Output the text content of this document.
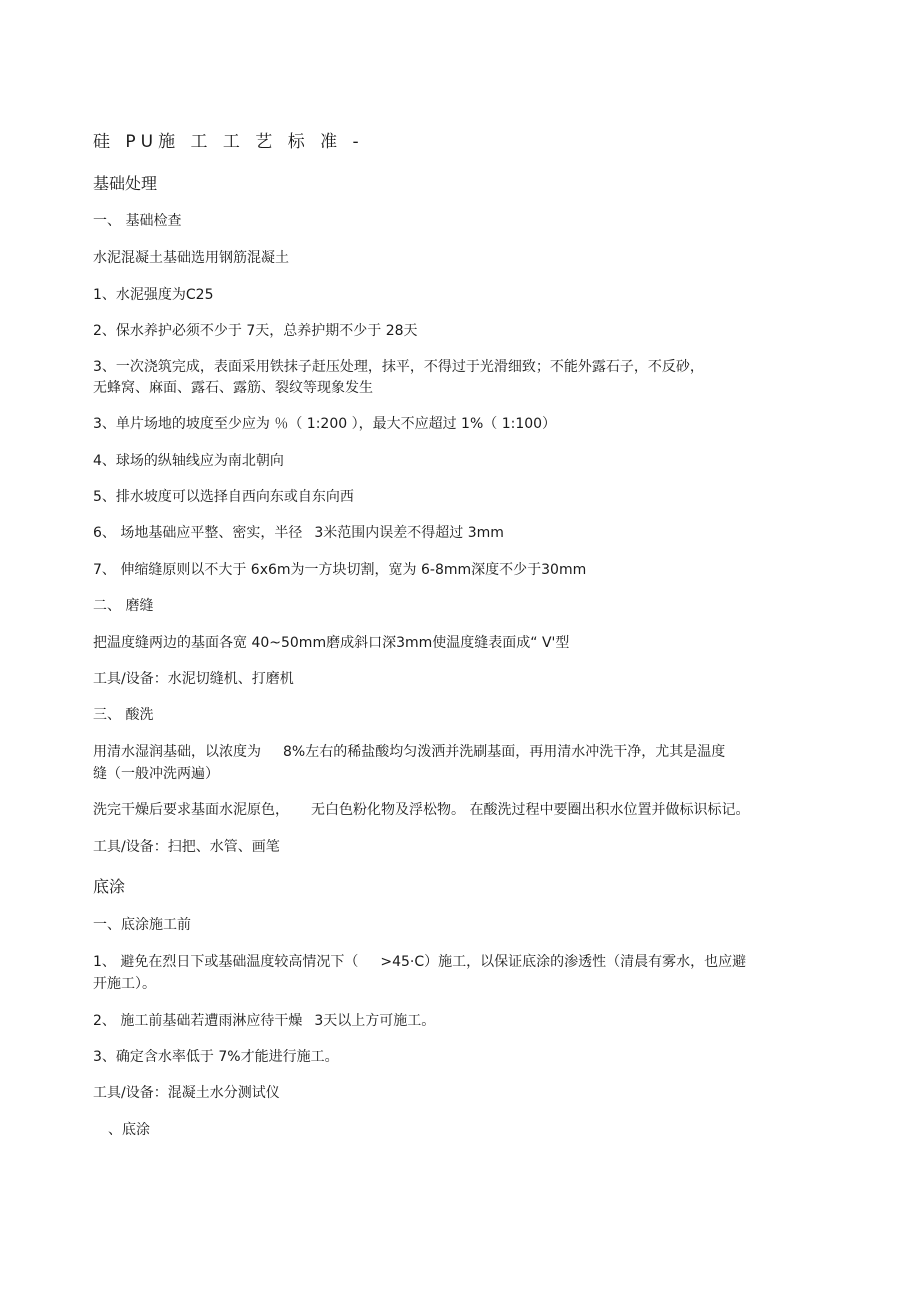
硅 PU施 工 工 艺 标 准 -
基础处理
一、 基础检查
水泥混凝土基础选用钢筋混凝土
1、水泥强度为C25
2、保水养护必须不少于 7天，总养护期不少于 28天
3、一次浇筑完成，表面采用铁抹子赶压处理，抹平，不得过于光滑细致；不能外露石子，不反砂，
无蜂窝、麻面、露石、露筋、裂纹等现象发生
3、单片场地的坡度至少应为 ％（ 1:200 ），最大不应超过 1%（ 1:100）
4、球场的纵轴线应为南北朝向
5、排水坡度可以选择自西向东或自东向西
6、 场地基础应平整、密实，半径 3米范围内误差不得超过 3mm
7、 伸缩缝原则以不大于 6x6m为一方块切割，宽为 6-8mm深度不少于30mm
二、 磨缝
把温度缝两边的基面各宽 40~50mm磨成斜口深3mm使温度缝表面成“ V'型
工具/设备：水泥切缝机、打磨机
三、 酸洗
用清水湿润基础，以浓度为 8%左右的稀盐酸均匀泼洒并洗刷基面，再用清水冲洗干净，尤其是温度
缝（一般冲洗两遍）
洗完干燥后要求基面水泥原色， 无白色粉化物及浮松物。 在酸洗过程中要圈出积水位置并做标识标记。
工具/设备：扫把、水管、画笔
底涂
一、底涂施工前
1、 避免在烈日下或基础温度较高情况下（ >45·C）施工，以保证底涂的渗透性（清晨有雾水，也应避
开施工）。
2、 施工前基础若遭雨淋应待干燥 3天以上方可施工。
3、确定含水率低于 7%才能进行施工。
工具/设备：混凝土水分测试仪
、底涂
